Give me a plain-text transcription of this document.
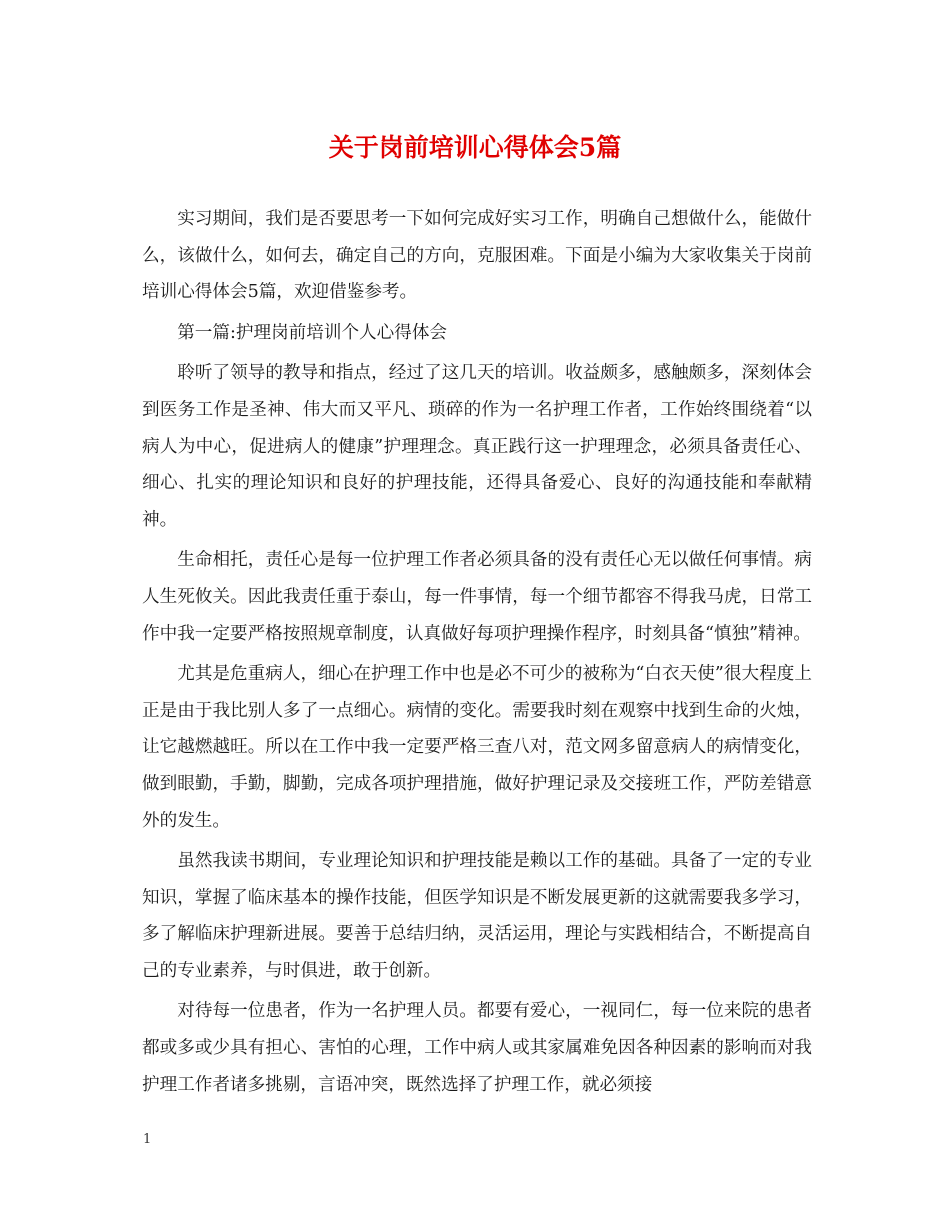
关于岗前培训心得体会5篇

实习期间，我们是否要思考一下如何完成好实习工作，明确自己想做什么，能做什么，该做什么，如何去，确定自己的方向，克服困难。下面是小编为大家收集关于岗前培训心得体会5篇，欢迎借鉴参考。

第一篇:护理岗前培训个人心得体会

聆听了领导的教导和指点，经过了这几天的培训。收益颇多，感触颇多，深刻体会到医务工作是圣神、伟大而又平凡、琐碎的作为一名护理工作者，工作始终围绕着“以病人为中心，促进病人的健康”护理理念。真正践行这一护理理念，必须具备责任心、细心、扎实的理论知识和良好的护理技能，还得具备爱心、良好的沟通技能和奉献精神。

生命相托，责任心是每一位护理工作者必须具备的没有责任心无以做任何事情。病人生死攸关。因此我责任重于泰山，每一件事情，每一个细节都容不得我马虎，日常工作中我一定要严格按照规章制度，认真做好每项护理操作程序，时刻具备“慎独”精神。

尤其是危重病人，细心在护理工作中也是必不可少的被称为“白衣天使”很大程度上正是由于我比别人多了一点细心。病情的变化。需要我时刻在观察中找到生命的火烛，让它越燃越旺。所以在工作中我一定要严格三查八对，范文网多留意病人的病情变化，做到眼勤，手勤，脚勤，完成各项护理措施，做好护理记录及交接班工作，严防差错意外的发生。

虽然我读书期间，专业理论知识和护理技能是赖以工作的基础。具备了一定的专业知识，掌握了临床基本的操作技能，但医学知识是不断发展更新的这就需要我多学习，多了解临床护理新进展。要善于总结归纳，灵活运用，理论与实践相结合，不断提高自己的专业素养，与时俱进，敢于创新。

对待每一位患者，作为一名护理人员。都要有爱心，一视同仁，每一位来院的患者都或多或少具有担心、害怕的心理，工作中病人或其家属难免因各种因素的影响而对我护理工作者诸多挑剔，言语冲突，既然选择了护理工作，就必须接

1
